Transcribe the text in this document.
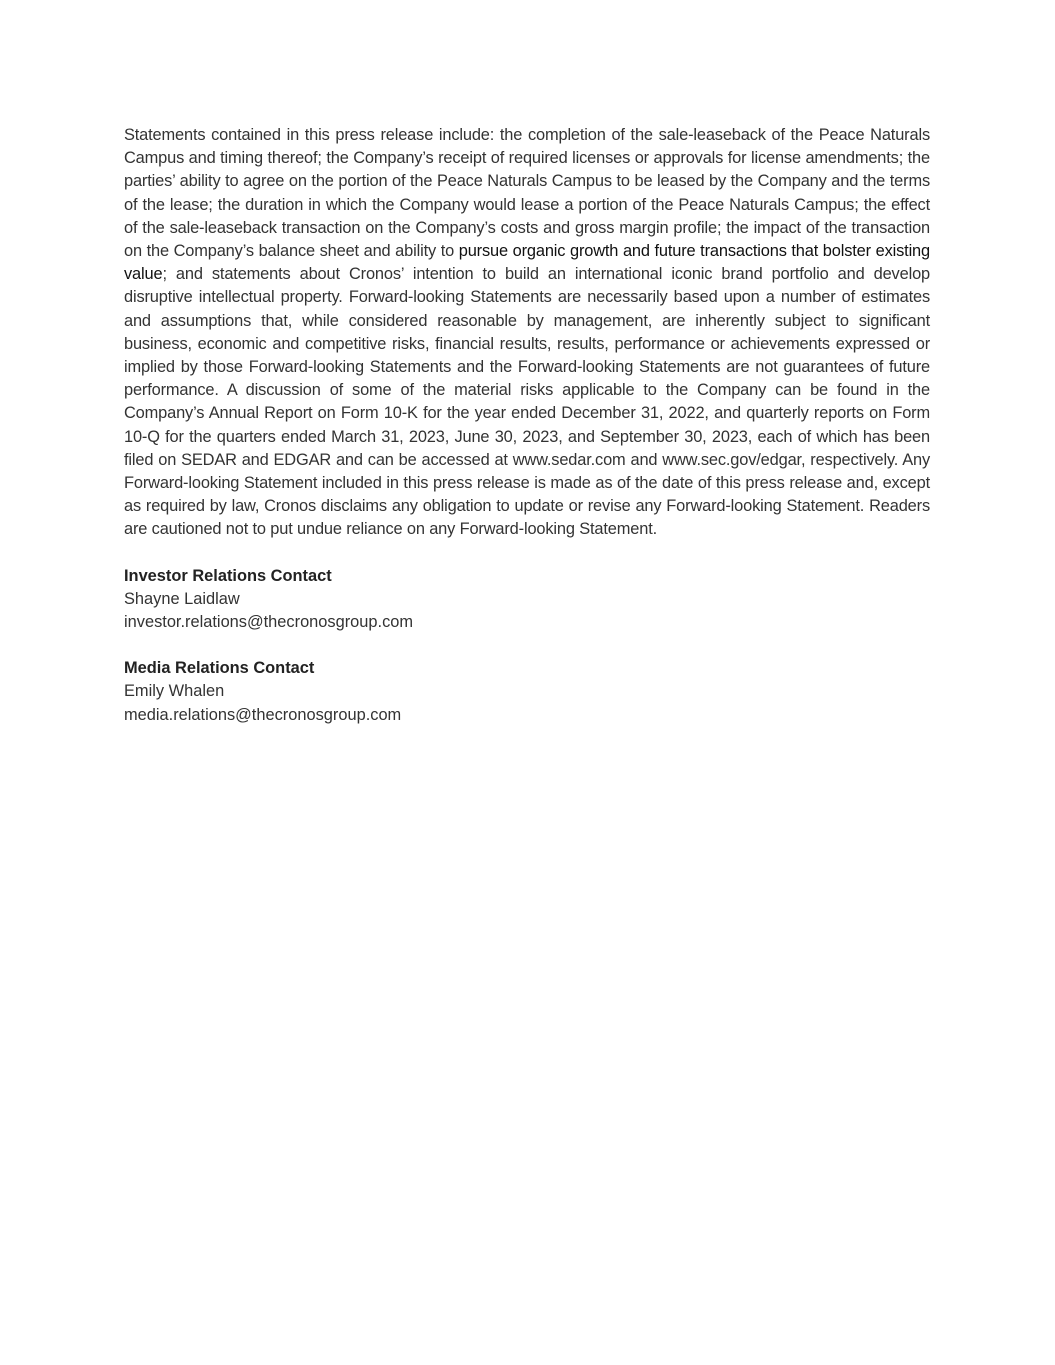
Statements contained in this press release include: the completion of the sale-leaseback of the Peace Naturals Campus and timing thereof; the Company’s receipt of required licenses or approvals for license amendments; the parties’ ability to agree on the portion of the Peace Naturals Campus to be leased by the Company and the terms of the lease; the duration in which the Company would lease a portion of the Peace Naturals Campus; the effect of the sale-leaseback transaction on the Company’s costs and gross margin profile; the impact of the transaction on the Company’s balance sheet and ability to pursue organic growth and future transactions that bolster existing value; and statements about Cronos’ intention to build an international iconic brand portfolio and develop disruptive intellectual property. Forward-looking Statements are necessarily based upon a number of estimates and assumptions that, while considered reasonable by management, are inherently subject to significant business, economic and competitive risks, financial results, results, performance or achievements expressed or implied by those Forward-looking Statements and the Forward-looking Statements are not guarantees of future performance. A discussion of some of the material risks applicable to the Company can be found in the Company’s Annual Report on Form 10-K for the year ended December 31, 2022, and quarterly reports on Form 10-Q for the quarters ended March 31, 2023, June 30, 2023, and September 30, 2023, each of which has been filed on SEDAR and EDGAR and can be accessed at www.sedar.com and www.sec.gov/edgar, respectively. Any Forward-looking Statement included in this press release is made as of the date of this press release and, except as required by law, Cronos disclaims any obligation to update or revise any Forward-looking Statement. Readers are cautioned not to put undue reliance on any Forward-looking Statement.

Investor Relations Contact

Shayne Laidlaw

investor.relations@thecronosgroup.com

Media Relations Contact

Emily Whalen

media.relations@thecronosgroup.com
